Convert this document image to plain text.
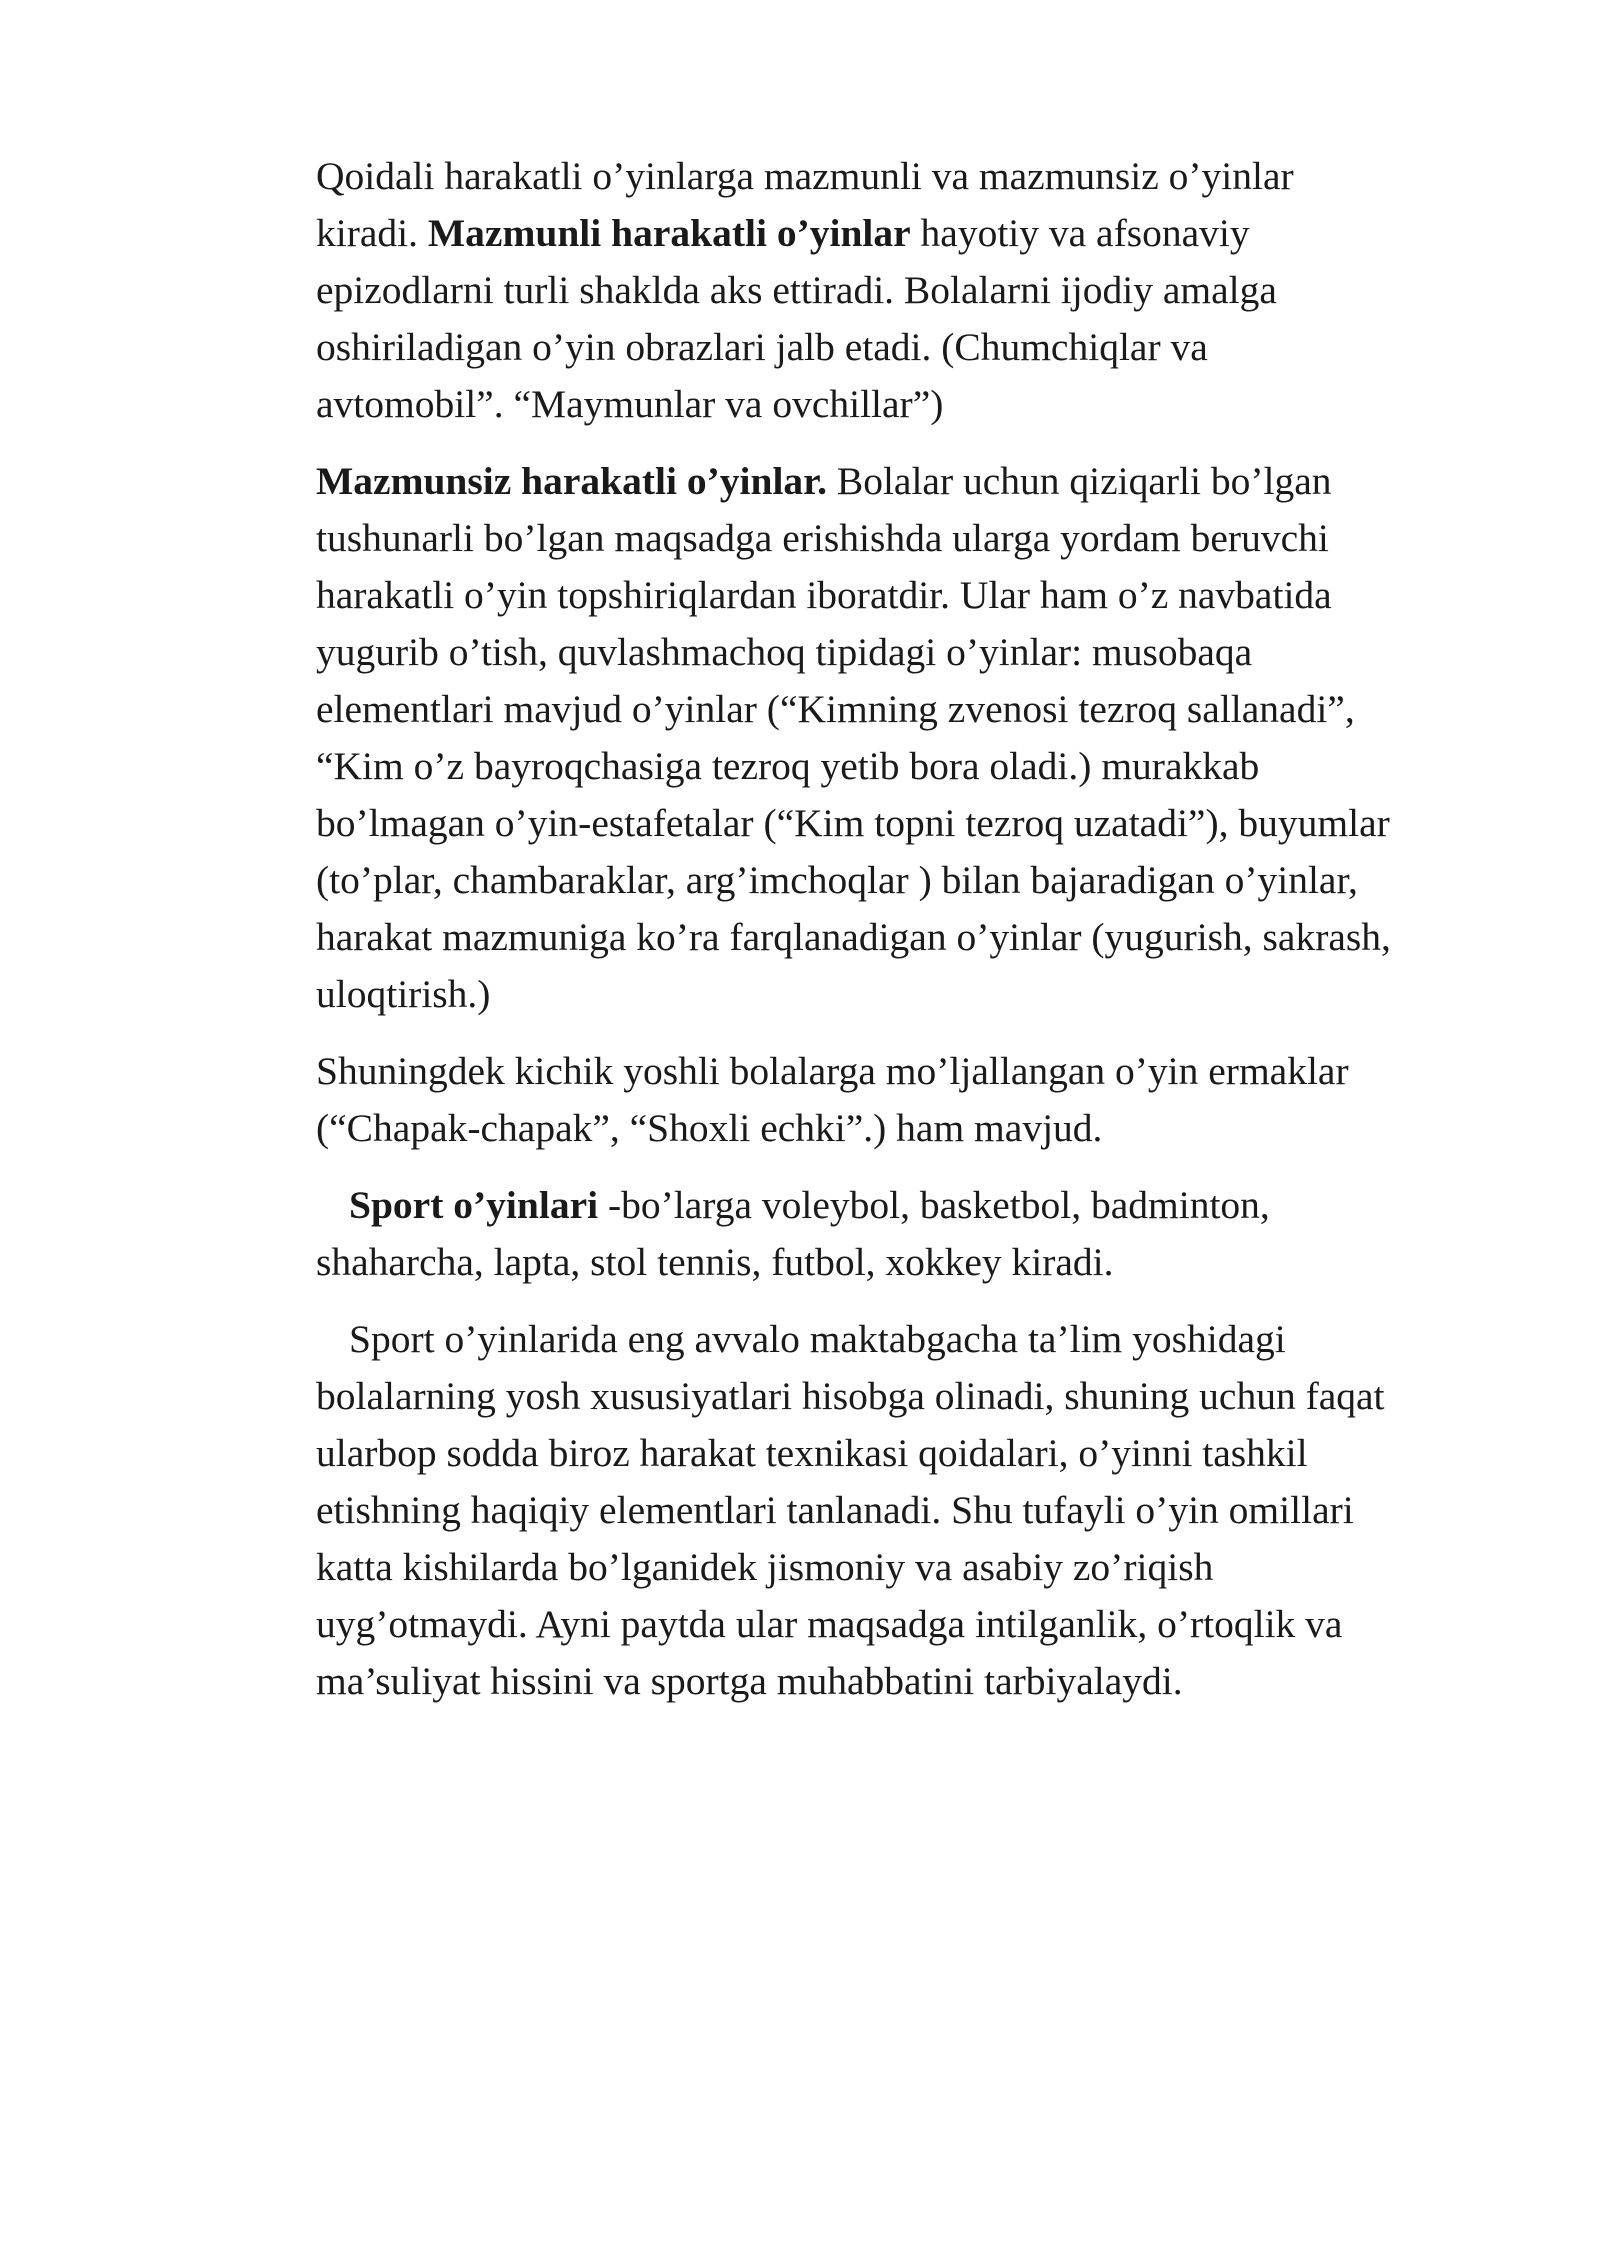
Qoidali harakatli o’yinlarga mazmunli va mazmunsiz o’yinlar
kiradi. Mazmunli harakatli o’yinlar hayotiy va afsonaviy
epizodlarni turli shaklda aks ettiradi. Bolalarni ijodiy amalga
oshiriladigan o’yin obrazlari jalb etadi. (Chumchiqlar va
avtomobil”. “Maymunlar va ovchillar”)

Mazmunsiz harakatli o’yinlar. Bolalar uchun qiziqarli bo’lgan
tushunarli bo’lgan maqsadga erishishda ularga yordam beruvchi
harakatli o’yin topshiriqlardan iboratdir. Ular ham o’z navbatida
yugurib o’tish, quvlashmachoq tipidagi o’yinlar: musobaqa
elementlari mavjud o’yinlar (“Kimning zvenosi tezroq sallanadi”,
“Kim o’z bayroqchasiga tezroq yetib bora oladi.) murakkab
bo’lmagan o’yin-estafetalar (“Kim topni tezroq uzatadi”), buyumlar
(to’plar, chambaraklar, arg’imchoqlar ) bilan bajaradigan o’yinlar,
harakat mazmuniga ko’ra farqlanadigan o’yinlar (yugurish, sakrash,
uloqtirish.)

Shuningdek kichik yoshli bolalarga mo’ljallangan o’yin ermaklar
(“Chapak-chapak”, “Shoxli echki”.) ham mavjud.

Sport o’yinlari -bo’larga voleybol, basketbol, badminton,
shaharcha, lapta, stol tennis, futbol, xokkey kiradi.

Sport o’yinlarida eng avvalo maktabgacha ta’lim yoshidagi
bolalarning yosh xususiyatlari hisobga olinadi, shuning uchun faqat
ularbop sodda biroz harakat texnikasi qoidalari, o’yinni tashkil
etishning haqiqiy elementlari tanlanadi. Shu tufayli o’yin omillari
katta kishilarda bo’lganidek jismoniy va asabiy zo’riqish
uyg’otmaydi. Ayni paytda ular maqsadga intilganlik, o’rtoqlik va
ma’suliyat hissini va sportga muhabbatini tarbiyalaydi.
